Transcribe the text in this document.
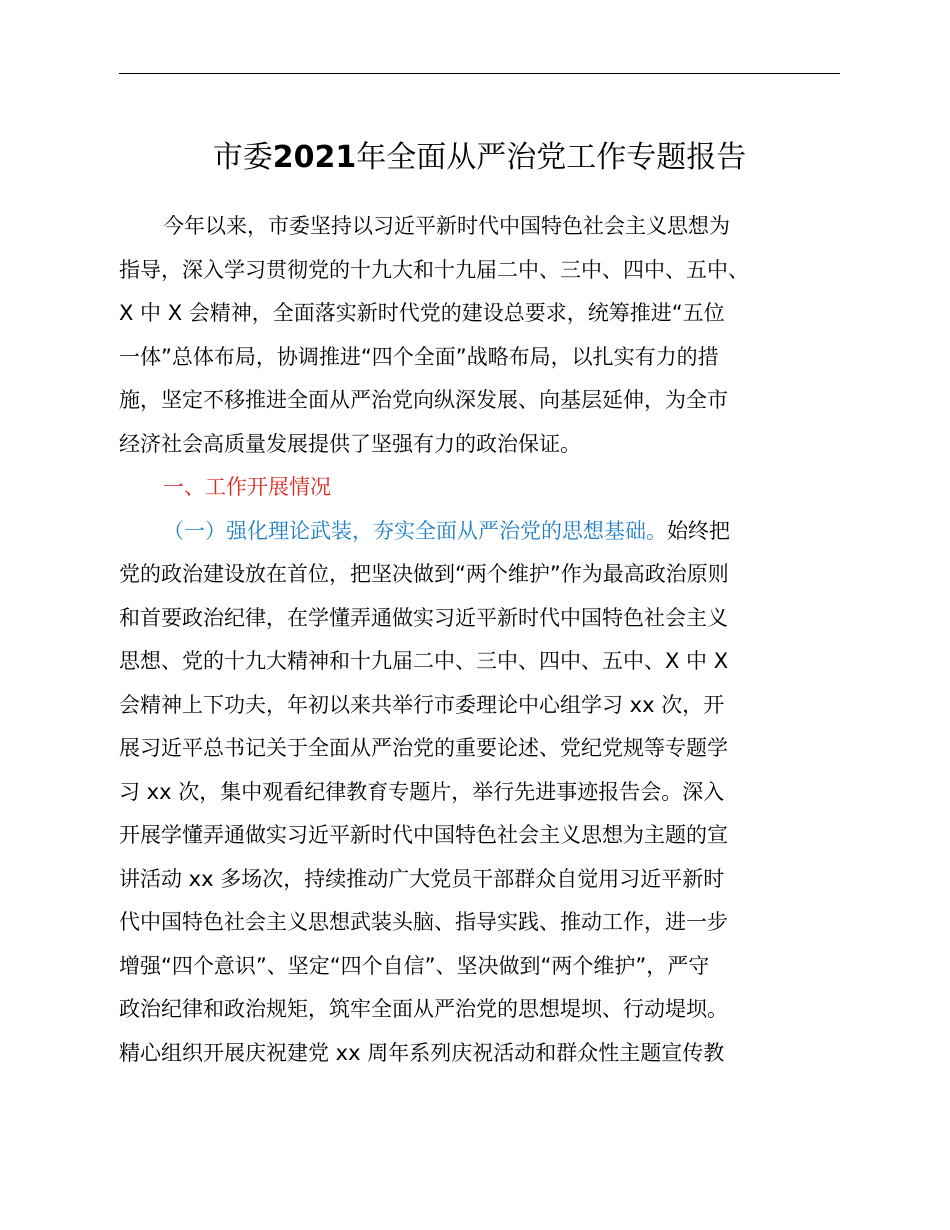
市委2021年全面从严治党工作专题报告
今年以来，市委坚持以习近平新时代中国特色社会主义思想为
指导，深入学习贯彻党的十九大和十九届二中、三中、四中、五中、
X 中 X 会精神，全面落实新时代党的建设总要求，统筹推进“五位
一体”总体布局，协调推进“四个全面”战略布局，以扎实有力的措
施，坚定不移推进全面从严治党向纵深发展、向基层延伸，为全市
经济社会高质量发展提供了坚强有力的政治保证。
一、工作开展情况
（一）强化理论武装，夯实全面从严治党的思想基础。始终把
党的政治建设放在首位，把坚决做到“两个维护”作为最高政治原则
和首要政治纪律，在学懂弄通做实习近平新时代中国特色社会主义
思想、党的十九大精神和十九届二中、三中、四中、五中、X 中 X
会精神上下功夫，年初以来共举行市委理论中心组学习 xx 次，开
展习近平总书记关于全面从严治党的重要论述、党纪党规等专题学
习 xx 次，集中观看纪律教育专题片，举行先进事迹报告会。深入
开展学懂弄通做实习近平新时代中国特色社会主义思想为主题的宣
讲活动 xx 多场次，持续推动广大党员干部群众自觉用习近平新时
代中国特色社会主义思想武装头脑、指导实践、推动工作，进一步
增强“四个意识”、坚定“四个自信”、坚决做到“两个维护”，严守
政治纪律和政治规矩，筑牢全面从严治党的思想堤坝、行动堤坝。
精心组织开展庆祝建党 xx 周年系列庆祝活动和群众性主题宣传教
